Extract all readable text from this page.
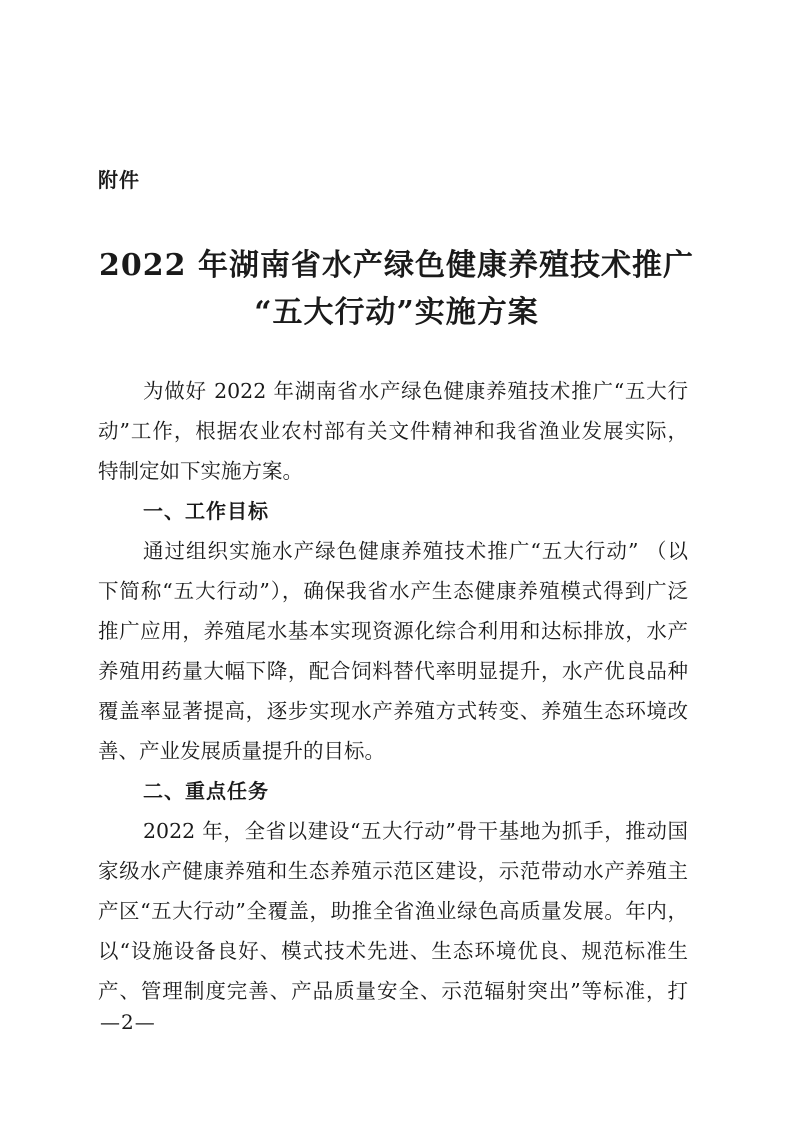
附件
2022 年湖南省水产绿色健康养殖技术推广
“五大行动”实施方案
为做好 2022 年湖南省水产绿色健康养殖技术推广“五大行
动”工作，根据农业农村部有关文件精神和我省渔业发展实际，
特制定如下实施方案。
一、工作目标
通过组织实施水产绿色健康养殖技术推广“五大行动” （以
下简称“五大行动”），确保我省水产生态健康养殖模式得到广泛
推广应用，养殖尾水基本实现资源化综合利用和达标排放，水产
养殖用药量大幅下降，配合饲料替代率明显提升，水产优良品种
覆盖率显著提高，逐步实现水产养殖方式转变、养殖生态环境改
善、产业发展质量提升的目标。
二、重点任务
2022 年，全省以建设“五大行动”骨干基地为抓手，推动国
家级水产健康养殖和生态养殖示范区建设，示范带动水产养殖主
产区“五大行动”全覆盖，助推全省渔业绿色高质量发展。年内，
以“设施设备良好、模式技术先进、生态环境优良、规范标准生
产、管理制度完善、产品质量安全、示范辐射突出”等标准，打
—2—
